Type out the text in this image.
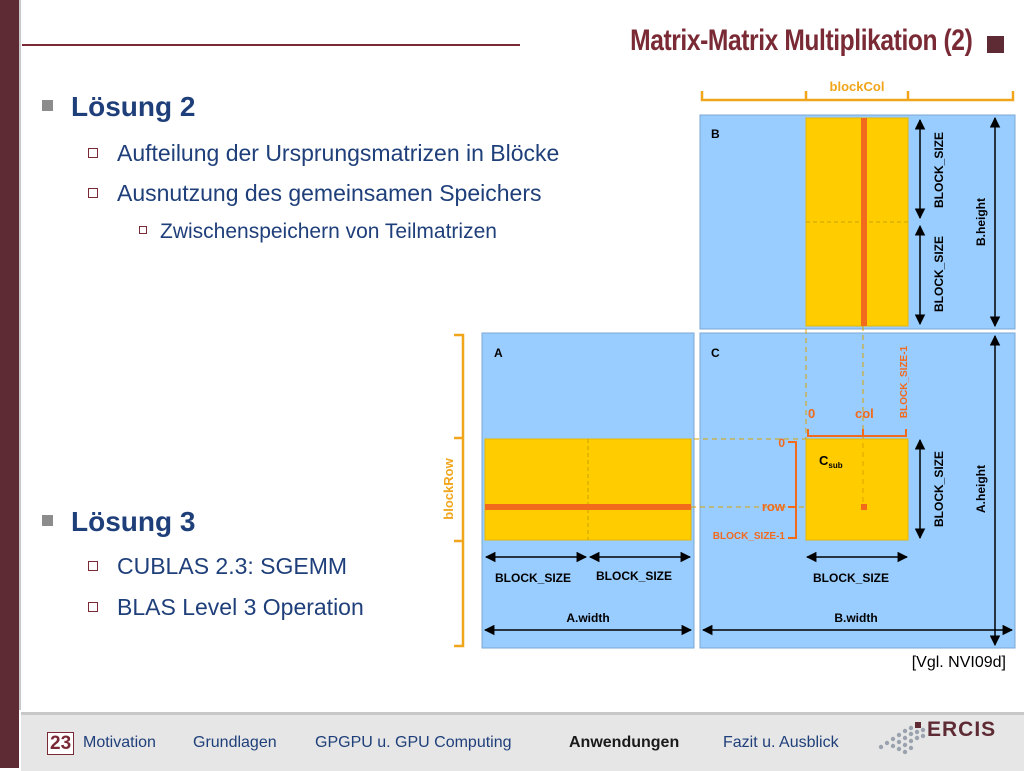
Matrix-Matrix Multiplikation (2)
Lösung 2
Aufteilung der Ursprungsmatrizen in Blöcke
Ausnutzung des gemeinsamen Speichers
Zwischenspeichern von Teilmatrizen
Lösung 3
CUBLAS 2.3: SGEMM
BLAS Level 3 Operation
blockCol
B	BLOCK_SIZE
BLOCK_SIZE
B.height
blockRow
A
BLOCK_SIZE BLOCK_SIZE
A.width
C
$C_{sub}$
0	col	BLOCK_SIZE-1
0
row
BLOCK_SIZE-1
BLOCK_SIZE A.height
BLOCK_SIZE
B.width
[Vgl. NVI09d]
23 Motivation Grundlagen GPGPU u. GPU Computing	Anwendungen	Fazit u. Ausblick
ERCIS
